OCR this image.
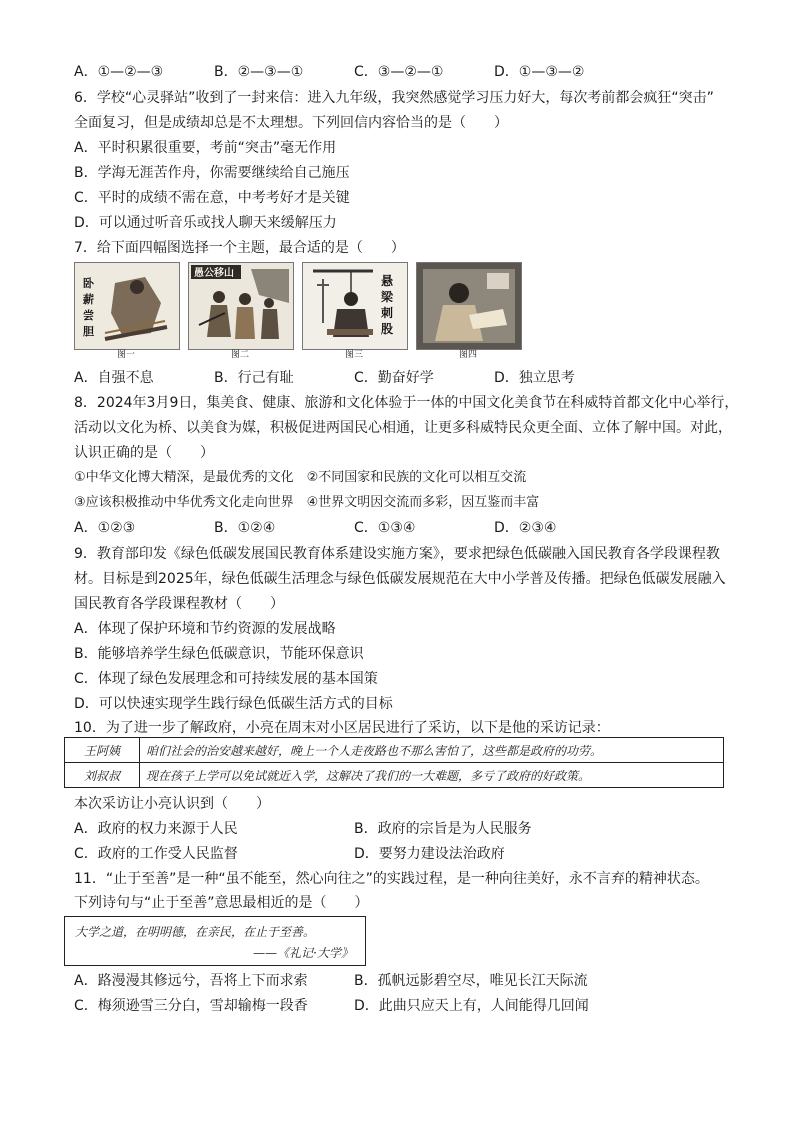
A．①—②—③	B．②—③—①	C．③—②—①	D．①—③—②
6．学校“心灵驿站”收到了一封来信：进入九年级，我突然感觉学习压力好大，每次考前都会疯狂“突击”
全面复习，但是成绩却总是不太理想。下列回信内容恰当的是（　　）
A．平时积累很重要，考前“突击”毫无作用
B．学海无涯苦作舟，你需要继续给自己施压
C．平时的成绩不需在意，中考考好才是关键
D．可以通过听音乐或找人聊天来缓解压力
7．给下面四幅图选择一个主题，最合适的是（　　）
卧
薪
尝
胆
图一
愚公移山
图二
悬
梁
刺
股
图三	图四
A．自强不息	B．行己有耻	C．勤奋好学	D．独立思考
8．2024年3月9日，集美食、健康、旅游和文化体验于一体的中国文化美食节在科威特首都文化中心举行，
活动以文化为桥、以美食为媒，积极促进两国民心相通，让更多科威特民众更全面、立体了解中国。对此，
认识正确的是（　　）
①中华文化博大精深，是最优秀的文化　②不同国家和民族的文化可以相互交流
③应该积极推动中华优秀文化走向世界　④世界文明因交流而多彩，因互鉴而丰富
A．①②③	B．①②④	C．①③④	D．②③④
9．教育部印发《绿色低碳发展国民教育体系建设实施方案》，要求把绿色低碳融入国民教育各学段课程教
材。目标是到2025年，绿色低碳生活理念与绿色低碳发展规范在大中小学普及传播。把绿色低碳发展融入
国民教育各学段课程教材（　　）
A．体现了保护环境和节约资源的发展战略
B．能够培养学生绿色低碳意识，节能环保意识
C．体现了绿色发展理念和可持续发展的基本国策
D．可以快速实现学生践行绿色低碳生活方式的目标
10．为了进一步了解政府，小亮在周末对小区居民进行了采访，以下是他的采访记录：
王阿姨	咱们社会的治安越来越好，晚上一个人走夜路也不那么害怕了，这些都是政府的功劳。
刘叔叔	现在孩子上学可以免试就近入学，这解决了我们的一大难题，多亏了政府的好政策。
本次采访让小亮认识到（　　）
A．政府的权力来源于人民	B．政府的宗旨是为人民服务
C．政府的工作受人民监督	D．要努力建设法治政府
11．“止于至善”是一种“虽不能至，然心向往之”的实践过程，是一种向往美好，永不言弃的精神状态。
下列诗句与“止于至善”意思最相近的是（　　）
大学之道，在明明德，在亲民，在止于至善。
——《礼记·大学》
A．路漫漫其修远兮，吾将上下而求索	B．孤帆远影碧空尽，唯见长江天际流
C．梅须逊雪三分白，雪却输梅一段香	D．此曲只应天上有，人间能得几回闻
